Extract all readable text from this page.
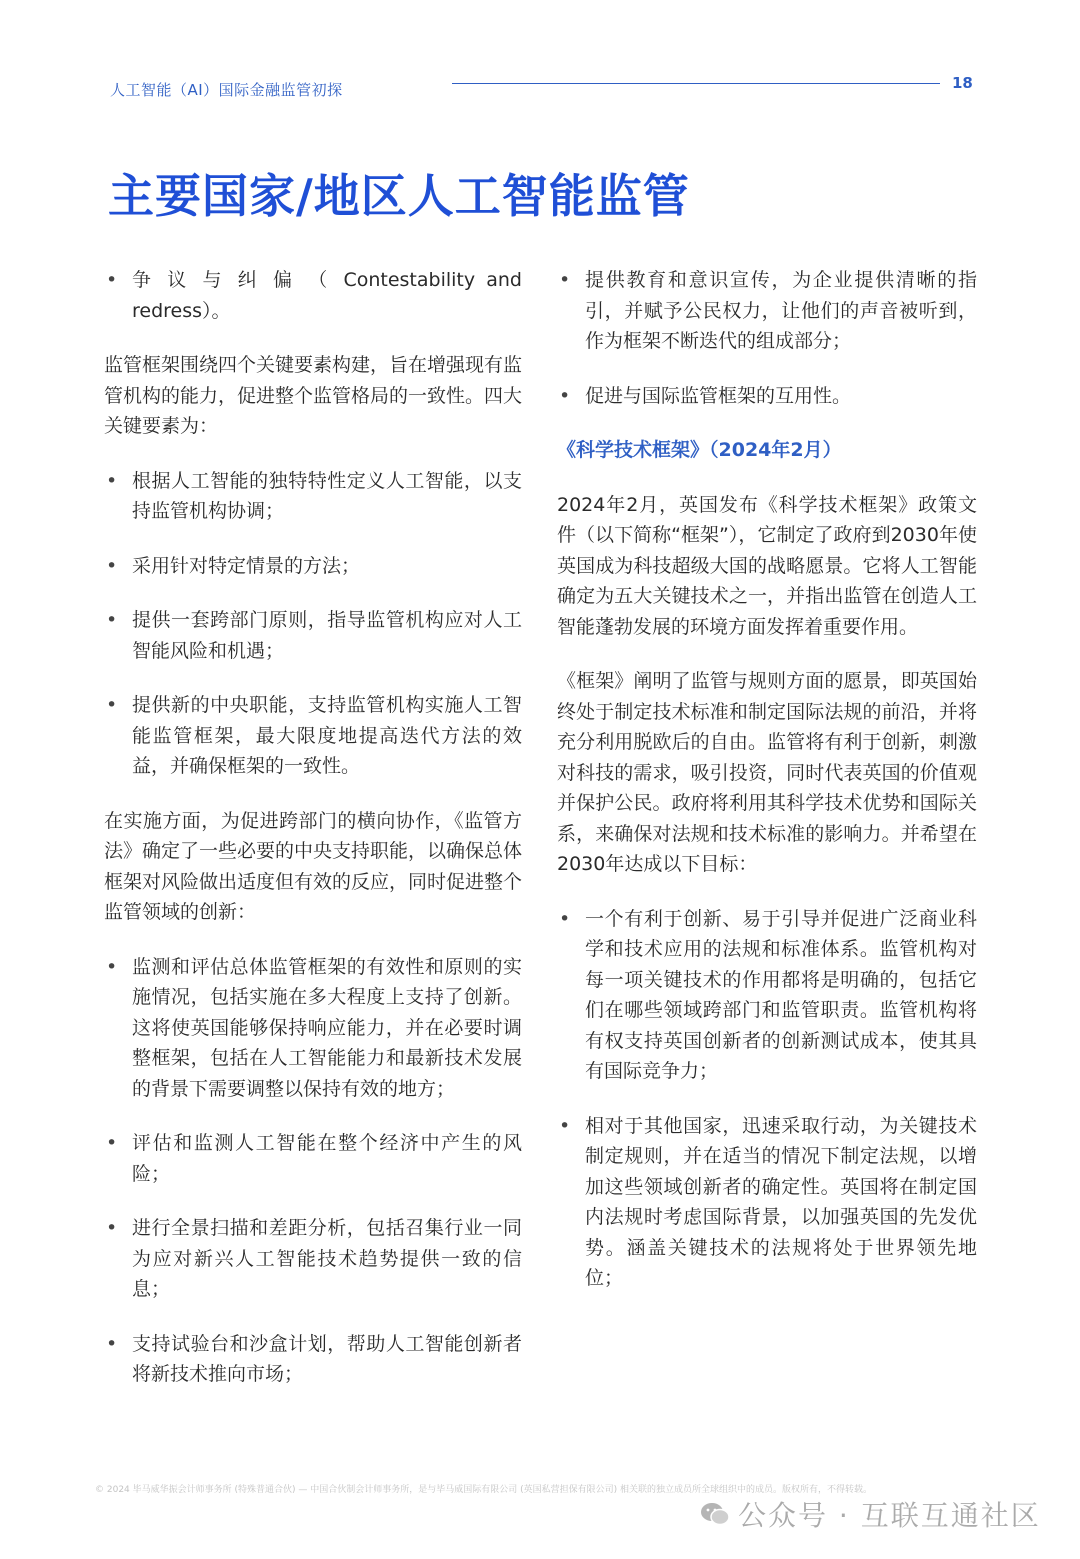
人工智能（AI）国际金融监管初探	18
主要国家/地区人工智能监管
• 争 议 与 纠 偏 （ Contestability and redress）。

监管框架围绕四个关键要素构建，旨在增强现有监管机构的能力，促进整个监管格局的一致性。四大关键要素为：

• 根据人工智能的独特特性定义人工智能，以支持监管机构协调；
• 采用针对特定情景的方法；
• 提供一套跨部门原则，指导监管机构应对人工智能风险和机遇；
• 提供新的中央职能，支持监管机构实施人工智能监管框架，最大限度地提高迭代方法的效益，并确保框架的一致性。

在实施方面，为促进跨部门的横向协作，《监管方法》确定了一些必要的中央支持职能，以确保总体框架对风险做出适度但有效的反应，同时促进整个监管领域的创新：

• 监测和评估总体监管框架的有效性和原则的实施情况，包括实施在多大程度上支持了创新。这将使英国能够保持响应能力，并在必要时调整框架，包括在人工智能能力和最新技术发展的背景下需要调整以保持有效的地方；
• 评估和监测人工智能在整个经济中产生的风险；
• 进行全景扫描和差距分析，包括召集行业一同为应对新兴人工智能技术趋势提供一致的信息；
• 支持试验台和沙盒计划，帮助人工智能创新者将新技术推向市场；
• 提供教育和意识宣传，为企业提供清晰的指引，并赋予公民权力，让他们的声音被听到，作为框架不断迭代的组成部分；
• 促进与国际监管框架的互用性。
《科学技术框架》（2024年2月）

2024年2月，英国发布《科学技术框架》政策文件（以下简称“框架”），它制定了政府到2030年使英国成为科技超级大国的战略愿景。它将人工智能确定为五大关键技术之一，并指出监管在创造人工智能蓬勃发展的环境方面发挥着重要作用。

《框架》阐明了监管与规则方面的愿景，即英国始终处于制定技术标准和制定国际法规的前沿，并将充分利用脱欧后的自由。监管将有利于创新，刺激对科技的需求，吸引投资，同时代表英国的价值观并保护公民。政府将利用其科学技术优势和国际关系，来确保对法规和技术标准的影响力。并希望在2030年达成以下目标：

• 一个有利于创新、易于引导并促进广泛商业科学和技术应用的法规和标准体系。监管机构对每一项关键技术的作用都将是明确的，包括它们在哪些领域跨部门和监管职责。监管机构将有权支持英国创新者的创新测试成本，使其具有国际竞争力；
• 相对于其他国家，迅速采取行动，为关键技术制定规则，并在适当的情况下制定法规，以增加这些领域创新者的确定性。英国将在制定国内法规时考虑国际背景，以加强英国的先发优势。涵盖关键技术的法规将处于世界领先地位；
© 2024 毕马威华振会计师事务所 (特殊普通合伙) — 中国合伙制会计师事务所，是与毕马威国际有限公司 (英国私营担保有限公司) 相关联的独立成员所全球组织中的成员。版权所有，不得转载。
公众号 · 互联互通社区
